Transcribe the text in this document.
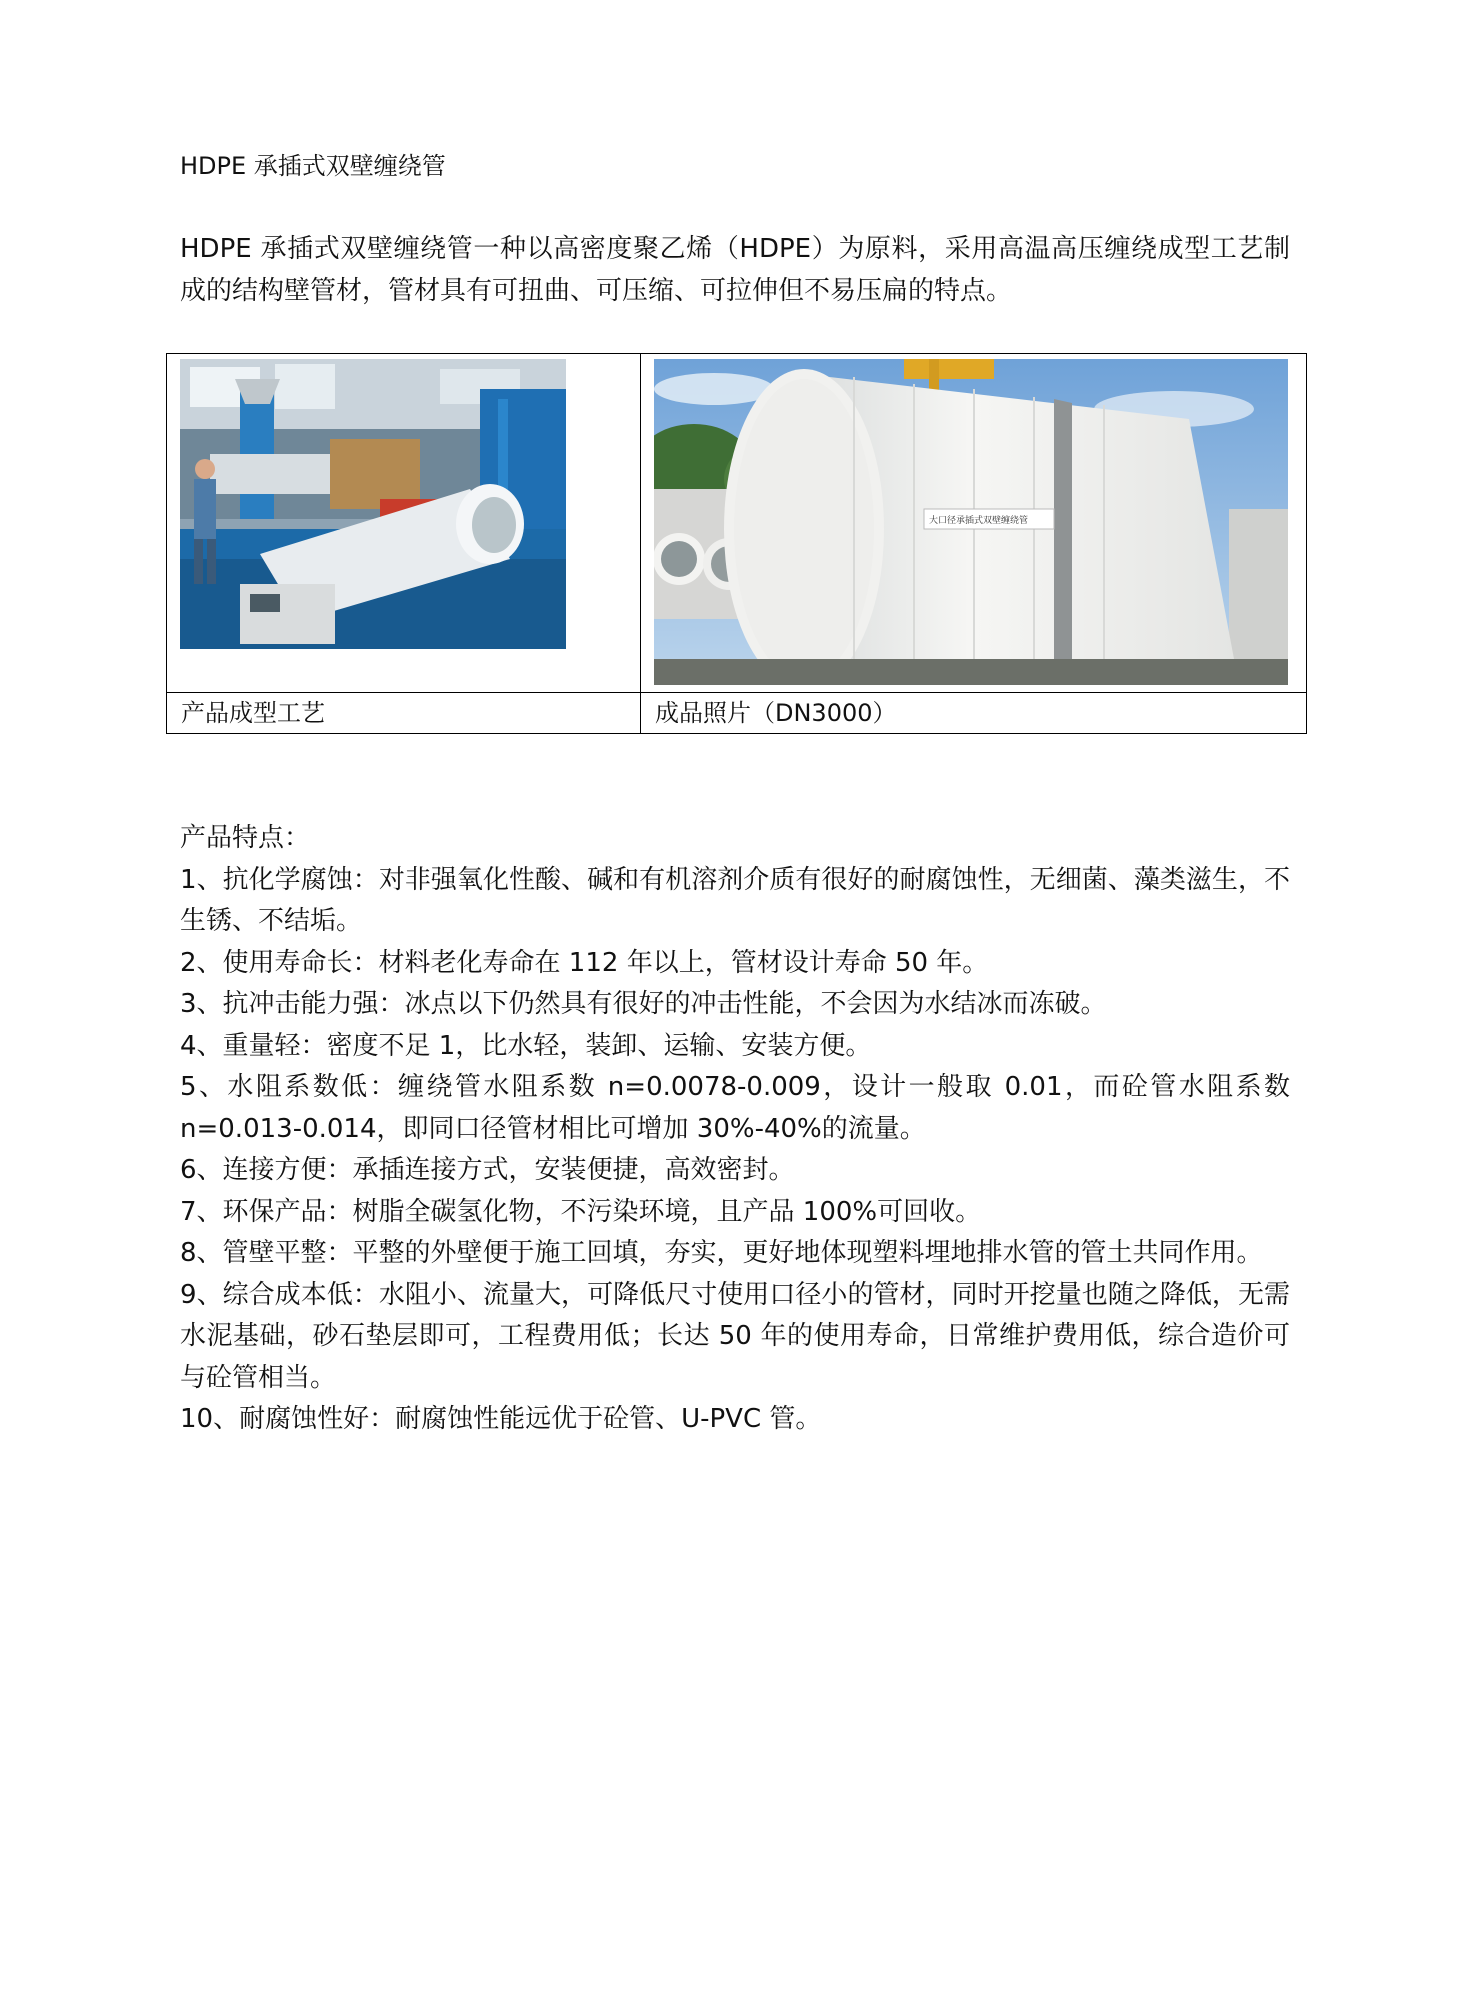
HDPE 承插式双壁缠绕管

HDPE 承插式双壁缠绕管一种以高密度聚乙烯（HDPE）为原料，采用高温高压缠绕成型工艺制成的结构壁管材，管材具有可扭曲、可压缩、可拉伸但不易压扁的特点。

大口径承插式双壁缠绕管

产品成型工艺	成品照片（DN3000）

产品特点：

1、抗化学腐蚀：对非强氧化性酸、碱和有机溶剂介质有很好的耐腐蚀性，无细菌、藻类滋生，不生锈、不结垢。

2、使用寿命长：材料老化寿命在 112 年以上，管材设计寿命 50 年。

3、抗冲击能力强：冰点以下仍然具有很好的冲击性能，不会因为水结冰而冻破。

4、重量轻：密度不足 1，比水轻，装卸、运输、安装方便。

5、水阻系数低：缠绕管水阻系数 n=0.0078-0.009，设计一般取 0.01，而砼管水阻系数 n=0.013-0.014，即同口径管材相比可增加 30%-40%的流量。

6、连接方便：承插连接方式，安装便捷，高效密封。

7、环保产品：树脂全碳氢化物，不污染环境，且产品 100%可回收。

8、管壁平整：平整的外壁便于施工回填，夯实，更好地体现塑料埋地排水管的管土共同作用。

9、综合成本低：水阻小、流量大，可降低尺寸使用口径小的管材，同时开挖量也随之降低，无需水泥基础，砂石垫层即可，工程费用低；长达 50 年的使用寿命，日常维护费用低，综合造价可与砼管相当。

10、耐腐蚀性好：耐腐蚀性能远优于砼管、U-PVC 管。
